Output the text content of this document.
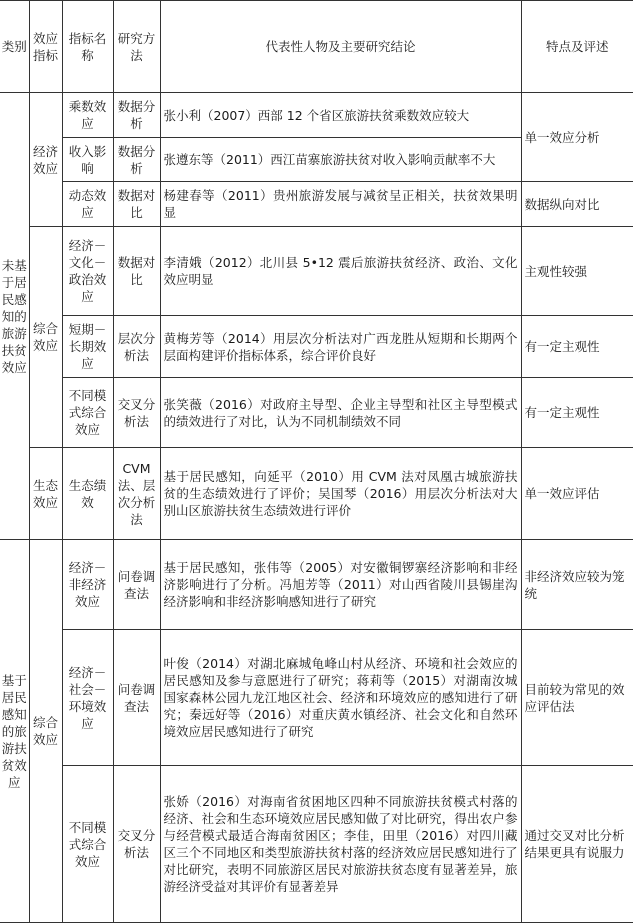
类别	效应指标	指标名称	研究方法	代表性人物及主要研究结论	特点及评述
未基于居民感知的旅游扶贫效应	经济效应	乘数效应	数据分析	张小利（2007）西部 12 个省区旅游扶贫乘数效应较大	单一效应分析
		收入影响	数据分析	张遵东等（2011）西江苗寨旅游扶贫对收入影响贡献率不大	
		动态效应	数据对比	杨建春等（2011）贵州旅游发展与减贫呈正相关，扶贫效果明显	数据纵向对比
	综合效应	经济－文化－政治效应	数据对比	李清娥（2012）北川县 5•12 震后旅游扶贫经济、政治、文化效应明显	主观性较强
		短期－长期效应	层次分析法	黄梅芳等（2014）用层次分析法对广西龙胜从短期和长期两个层面构建评价指标体系，综合评价良好	有一定主观性
		不同模式综合效应	交叉分析法	张笑薇（2016）对政府主导型、企业主导型和社区主导型模式的绩效进行了对比，认为不同机制绩效不同	有一定主观性
	生态效应	生态绩效	CVM 法、层次分析法	基于居民感知，向延平（2010）用 CVM 法对凤凰古城旅游扶贫的生态绩效进行了评价；吴国琴（2016）用层次分析法对大别山区旅游扶贫生态绩效进行评价	单一效应评估
基于居民感知的旅游扶贫效应	综合效应	经济－非经济效应	问卷调查法	基于居民感知，张伟等（2005）对安徽铜锣寨经济影响和非经济影响进行了分析。冯旭芳等（2011）对山西省陵川县锡崖沟经济影响和非经济影响感知进行了研究	非经济效应较为笼统
		经济－社会－环境效应	问卷调查法	叶俊（2014）对湖北麻城龟峰山村从经济、环境和社会效应的居民感知及参与意愿进行了研究；蒋莉等（2015）对湖南汝城国家森林公园九龙江地区社会、经济和环境效应的感知进行了研究；秦远好等（2016）对重庆黄水镇经济、社会文化和自然环境效应居民感知进行了研究	目前较为常见的效应评估法
		不同模式综合效应	交叉分析法	张娇（2016）对海南省贫困地区四种不同旅游扶贫模式村落的经济、社会和生态环境效应居民感知做了对比研究，得出农户参与经营模式最适合海南贫困区；李佳，田里（2016）对四川藏区三个不同地区和类型旅游扶贫村落的经济效应居民感知进行了对比研究，表明不同旅游区居民对旅游扶贫态度有显著差异，旅游经济受益对其评价有显著差异	通过交叉对比分析结果更具有说服力
